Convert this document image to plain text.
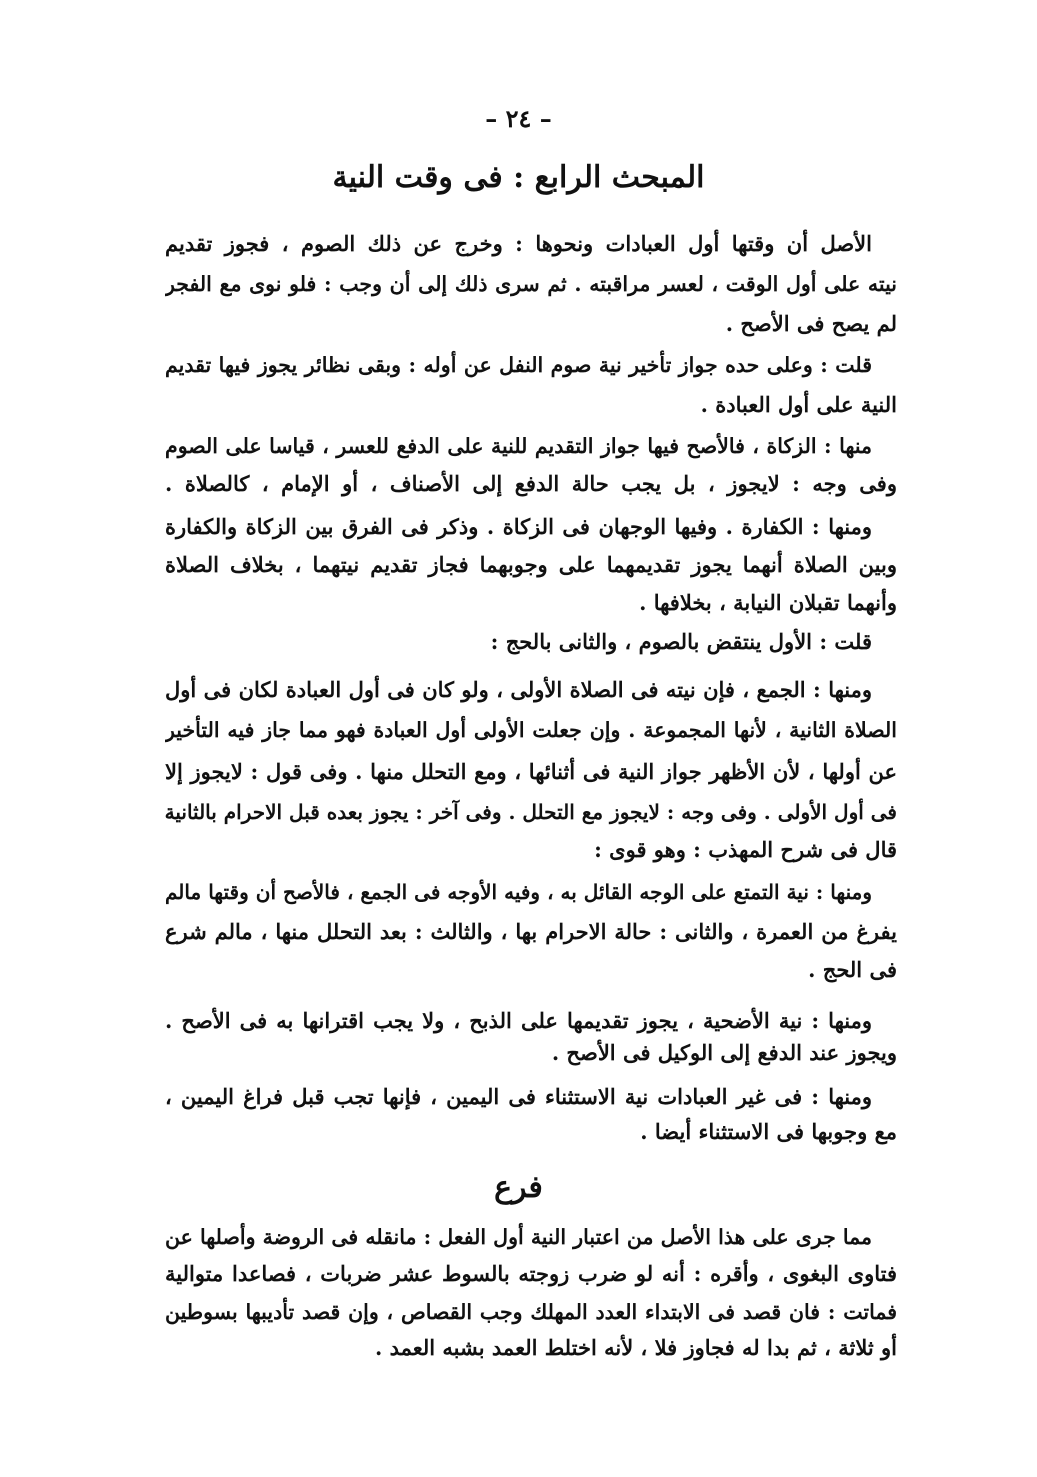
– ٢٤ –
المبحث الرابع : فى وقت النية
الأصل أن وقتها أول العبادات ونحوها : وخرج عن ذلك الصوم ، فجوز تقديم
نيته على أول الوقت ، لعسر مراقبته . ثم سرى ذلك إلى أن وجب : فلو نوى مع الفجر
لم يصح فى الأصح .
قلت : وعلى حده جواز تأخير نية صوم النفل عن أوله : وبقى نظائر يجوز فيها تقديم
النية على أول العبادة .
منها : الزكاة ، فالأصح فيها جواز التقديم للنية على الدفع للعسر ، قياسا على الصوم
وفى وجه : لايجوز ، بل يجب حالة الدفع إلى الأصناف ، أو الإمام ، كالصلاة .
ومنها : الكفارة . وفيها الوجهان فى الزكاة . وذكر فى الفرق بين الزكاة والكفارة
وبين الصلاة أنهما يجوز تقديمهما على وجوبهما فجاز تقديم نيتهما ، بخلاف الصلاة
وأنهما تقبلان النيابة ، بخلافها .
قلت : الأول ينتقض بالصوم ، والثانى بالحج :
ومنها : الجمع ، فإن نيته فى الصلاة الأولى ، ولو كان فى أول العبادة لكان فى أول
الصلاة الثانية ، لأنها المجموعة . وإن جعلت الأولى أول العبادة فهو مما جاز فيه التأخير
عن أولها ، لأن الأظهر جواز النية فى أثنائها ، ومع التحلل منها . وفى قول : لايجوز إلا
فى أول الأولى . وفى وجه : لايجوز مع التحلل . وفى آخر : يجوز بعده قبل الاحرام بالثانية
قال فى شرح المهذب : وهو قوى :
ومنها : نية التمتع على الوجه القائل به ، وفيه الأوجه فى الجمع ، فالأصح أن وقتها مالم
يفرغ من العمرة ، والثانى : حالة الاحرام بها ، والثالث : بعد التحلل منها ، مالم شرع
فى الحج .
ومنها : نية الأضحية ، يجوز تقديمها على الذبح ، ولا يجب اقترانها به فى الأصح .
ويجوز عند الدفع إلى الوكيل فى الأصح .
ومنها : فى غير العبادات نية الاستثناء فى اليمين ، فإنها تجب قبل فراغ اليمين ،
مع وجوبها فى الاستثناء أيضا .
فرع
مما جرى على هذا الأصل من اعتبار النية أول الفعل : مانقله فى الروضة وأصلها عن
فتاوى البغوى ، وأقره : أنه لو ضرب زوجته بالسوط عشر ضربات ، فصاعدا متوالية
فماتت : فان قصد فى الابتداء العدد المهلك وجب القصاص ، وإن قصد تأديبها بسوطين
أو ثلاثة ، ثم بدا له فجاوز فلا ، لأنه اختلط العمد بشبه العمد .
